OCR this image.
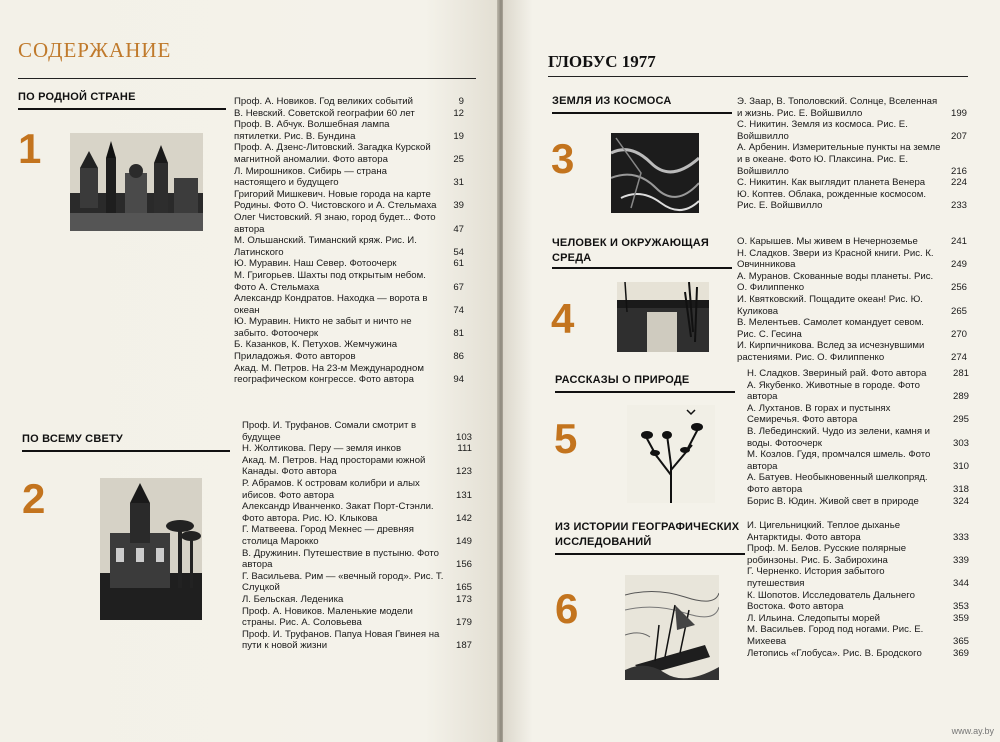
СОДЕРЖАНИЕ
ПО РОДНОЙ СТРАНЕ
1
Проф. А. Новиков. Год великих событий	9
В. Невский. Советской географии 60 лет	12
Проф. В. Абчук. Волшебная лампа пятилетки. Рис. В. Бундина	19
Проф. А. Дзенс-Литовский. Загадка Курской магнитной аномалии. Фото автора	25
Л. Мирошников. Сибирь — страна настоящего и будущего	31
Григорий Мишкевич. Новые города на карте Родины. Фото О. Чистовского и А. Стельмаха	39
Олег Чистовский. Я знаю, город будет... Фото автора	47
М. Ольшанский. Тиманский кряж. Рис. И. Латинского	54
Ю. Муравин. Наш Север. Фотоочерк	61
М. Григорьев. Шахты под открытым небом. Фото А. Стельмаха	67
Александр Кондратов. Находка — ворота в океан	74
Ю. Муравин. Никто не забыт и ничто не забыто. Фотоочерк	81
Б. Казанков, К. Петухов. Жемчужина Приладожья. Фото авторов	86
Акад. М. Петров. На 23-м Международном географическом конгрессе. Фото автора	94
ПО ВСЕМУ СВЕТУ
2
Проф. И. Труфанов. Сомали смотрит в будущее	103
Н. Жолтикова. Перу — земля инков	111
Акад. М. Петров. Над просторами южной Канады. Фото автора	123
Р. Абрамов. К островам колибри и алых ибисов. Фото автора	131
Александр Иванченко. Закат Порт-Стэнли. Фото автора. Рис. Ю. Клыкова	142
Г. Матвеева. Город Мекнес — древняя столица Марокко	149
В. Дружинин. Путешествие в пустыню. Фото автора	156
Г. Васильева. Рим — «вечный город». Рис. Т. Слуцкой	165
Л. Бельская. Леденика	173
Проф. А. Новиков. Маленькие модели страны. Рис. А. Соловьева	179
Проф. И. Труфанов. Папуа Новая Гвинея на пути к новой жизни	187
ГЛОБУС 1977
ЗЕМЛЯ ИЗ КОСМОСА
3
Э. Заар, В. Тополовский. Солнце, Вселенная и жизнь. Рис. Е. Войшвилло	199
С. Никитин. Земля из космоса. Рис. Е. Войшвилло	207
А. Арбенин. Измерительные пункты на земле и в океане. Фото Ю. Плаксина. Рис. Е. Войшвилло	216
С. Никитин. Как выглядит планета Венера	224
Ю. Коптев. Облака, рожденные космосом. Рис. Е. Войшвилло	233
ЧЕЛОВЕК И ОКРУЖАЮЩАЯ СРЕДА
4
О. Карышев. Мы живем в Нечерноземье	241
Н. Сладков. Звери из Красной книги. Рис. К. Овчинникова	249
А. Муранов. Скованные воды планеты. Рис. О. Филиппенко	256
И. Квятковский. Пощадите океан! Рис. Ю. Куликова	265
В. Мелентьев. Самолет командует севом. Рис. С. Гесина	270
И. Кирпичникова. Вслед за исчезнувшими растениями. Рис. О. Филиппенко	274
РАССКАЗЫ О ПРИРОДЕ
5
Н. Сладков. Звериный рай. Фото автора	281
А. Якубенко. Животные в городе. Фото автора	289
А. Лухтанов. В горах и пустынях Семиречья. Фото автора	295
В. Лебединский. Чудо из зелени, камня и воды. Фотоочерк	303
М. Козлов. Гудя, промчался шмель. Фото автора	310
А. Батуев. Необыкновенный шелкопряд. Фото автора	318
Борис В. Юдин. Живой свет в природе	324
ИЗ ИСТОРИИ ГЕОГРАФИЧЕСКИХ ИССЛЕДОВАНИЙ
6
И. Цигельницкий. Теплое дыханье Антарктиды. Фото автора	333
Проф. М. Белов. Русские полярные робинзоны. Рис. Б. Забирохина	339
Г. Черненко. История забытого путешествия	344
К. Шопотов. Исследователь Дальнего Востока. Фото автора	353
Л. Ильина. Следопыты морей	359
М. Васильев. Город под ногами. Рис. Е. Михеева	365
Летопись «Глобуса». Рис. В. Бродского	369
www.ay.by
